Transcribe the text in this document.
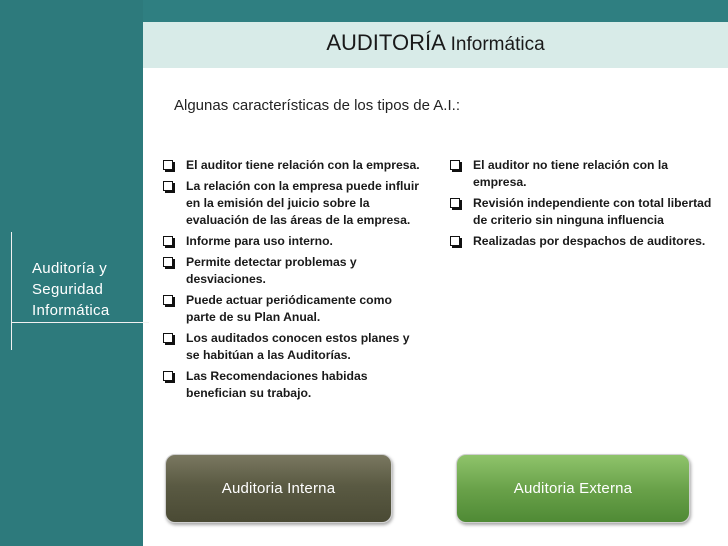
AUDITORÍA Informática
Algunas características de los tipos de A.I.:
Auditoría y Seguridad Informática
El auditor tiene relación con la empresa.
La relación con la empresa puede influir en la emisión del juicio sobre la evaluación de las áreas de la empresa.
Informe para uso interno.
Permite detectar problemas y desviaciones.
Puede actuar periódicamente como parte de su Plan Anual.
Los auditados conocen estos planes y se habitúan a las Auditorías.
Las Recomendaciones habidas benefician su trabajo.
El auditor no tiene relación con la empresa.
Revisión independiente con total libertad de criterio sin ninguna influencia
Realizadas por despachos de auditores.
Auditoria Interna	Auditoria Externa
